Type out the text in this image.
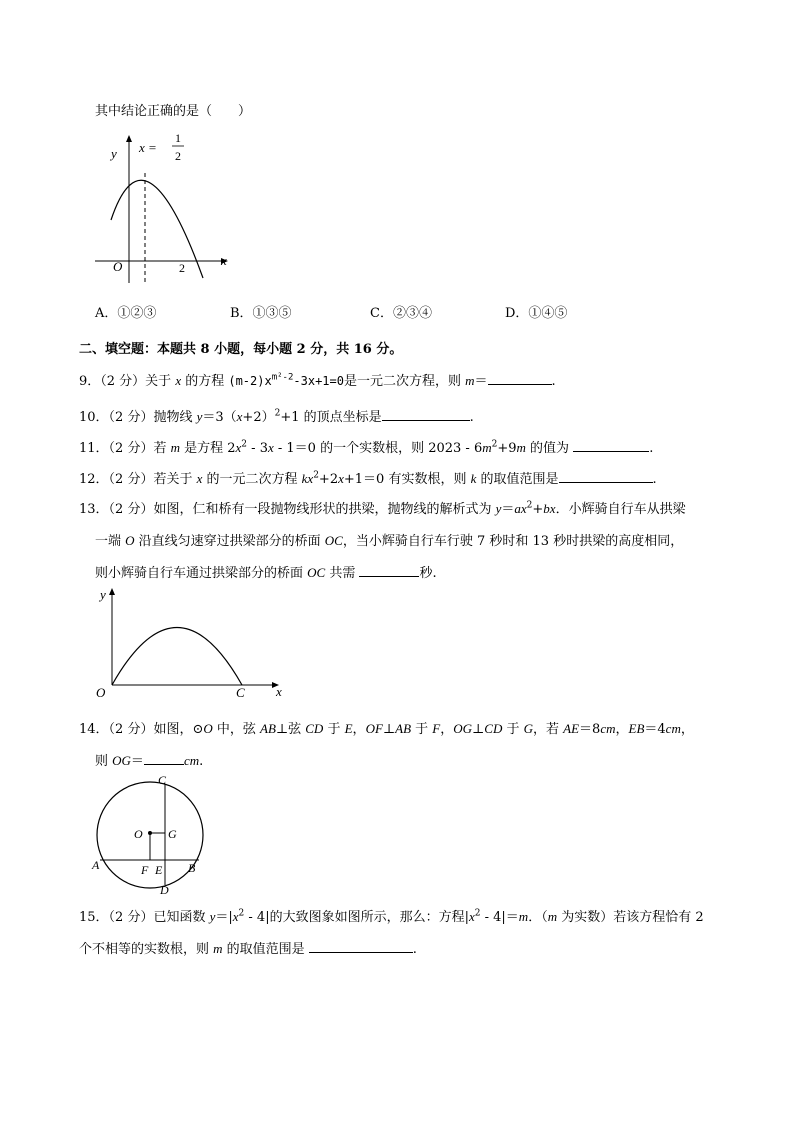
其中结论正确的是（　　）
y
x
O	2
x =
1
2
A．①②③	B．①③⑤	C．②③④	D．①④⑤
二、填空题：本题共 8 小题，每小题 2 分，共 16 分。
9．（2 分）关于 x 的方程 $(m-2)x^{m^2-2}-3x+1=0$是一元二次方程，则 m＝	.
10．（2 分）抛物线 $y=3(x+2)^2+1$ 的顶点坐标是	.
11．（2 分）若 m 是方程 $2x^2 - 3x - 1=0$ 的一个实数根，则 $2023 - 6m^2+9m$ 的值为	.
12．（2 分）若关于 x 的一元二次方程 $kx^2+2x+1=0$ 有实数根，则 k 的取值范围是	.
13．（2 分）如图，仁和桥有一段抛物线形状的拱梁，抛物线的解析式为 $y=ax^2+bx$．小辉骑自行车从拱梁
一端 O 沿直线匀速穿过拱梁部分的桥面 OC，当小辉骑自行车行驶 7 秒时和 13 秒时拱梁的高度相同，
则小辉骑自行车通过拱梁部分的桥面 OC 共需	秒.
y
x
O	C
14．（2 分）如图，⊙O 中，弦 AB⊥弦 CD 于 E，OF⊥AB 于 F，OG⊥CD 于 G，若 AE＝8cm，EB＝4cm，
则 OG＝	cm.
C
O G
A	F E B
D
15．（2 分）已知函数 $y=|x^2 - 4|$的大致图象如图所示，那么：方程$|x^2 - 4|=m$．（m 为实数）若该方程恰有 2
个不相等的实数根，则 m 的取值范围是	.
